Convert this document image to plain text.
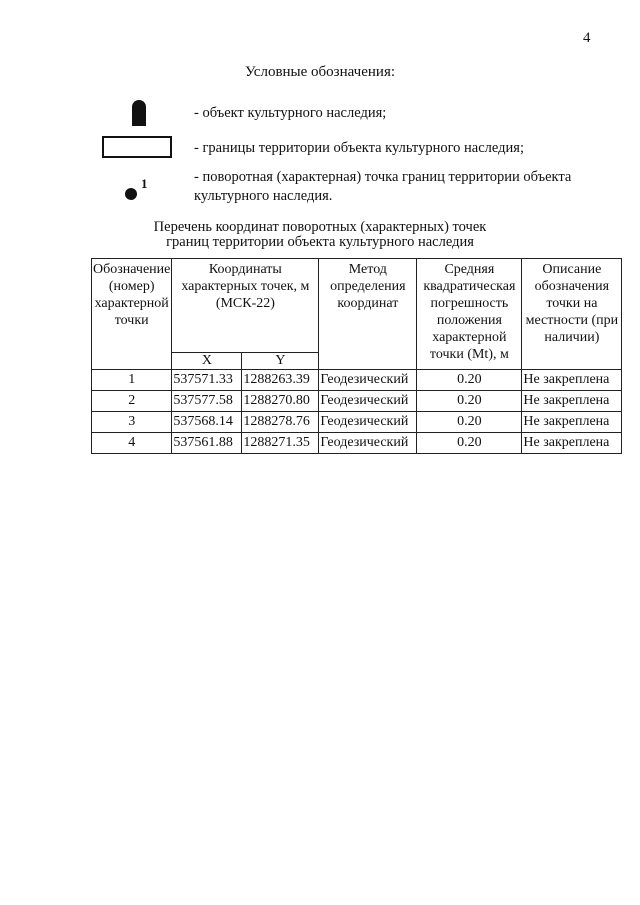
4
Условные обозначения:
- объект культурного наследия;
- границы территории объекта культурного наследия;
1	- поворотная (характерная) точка границ территории объекта культурного наследия.
Перечень координат поворотных (характерных) точек
границ территории объекта культурного наследия
Обозначение (номер) характерной точки	Координаты характерных точек, м (МСК-22)		Метод определения координат	Средняя квадратическая погрешность положения характерной точки (Mt), м	Описание обозначения точки на местности (при наличии)
	X	Y			
1	537571.33	1288263.39	Геодезический	0.20	Не закреплена
2	537577.58	1288270.80	Геодезический	0.20	Не закреплена
3	537568.14	1288278.76	Геодезический	0.20	Не закреплена
4	537561.88	1288271.35	Геодезический	0.20	Не закреплена
